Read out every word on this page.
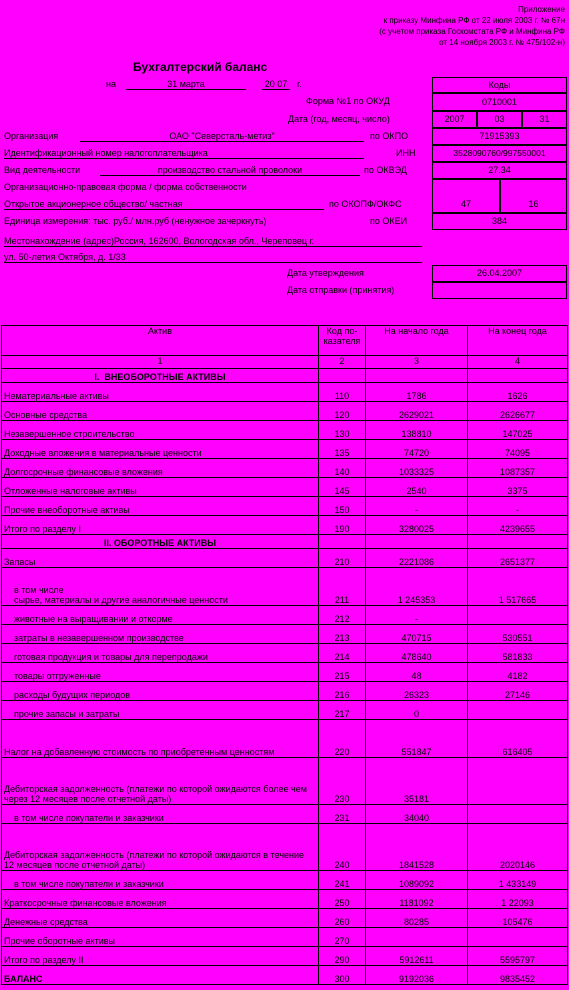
Приложение
к приказу Минфина РФ от 22 июля 2003 г. № 67н
(с учетом приказа Госкомстата РФ и Минфина РФ
от 14 ноября 2003 г. № 475/102-н)
Бухгалтерский баланс
на	31 марта	20 07	г.	Коды
Форма №1 по ОКУД	0710001
Дата (год, месяц, число)	2007	03	31
Организация	ОАО "Северсталь-метиз"	по ОКПО	71915393
Идентификационный номер налогоплательщика	ИНН	3528090760/997550001
Вид деятельности	производство стальной проволоки	по ОКВЭД	27.34
Организационно-правовая форма / форма собственности
Открытое акционерное общество/ частная	по ОКОПФ/ОКФС	47	16
Единица измерения: тыс. руб./ млн.руб (ненужное зачеркнуть)	по ОКЕИ	384
Местонахождение (адрес)Россия, 162600, Вологодская обл., Череповец г.
ул. 50-летия Октября, д. 1/33
Дата утверждения	26.04.2007
Дата отправки (принятия)
Актив	Код по-казателя	На начало года	На конец года
1	2	3	4
I.  ВНЕОБОРОТНЫЕ АКТИВЫ			
Нематериальные активы	110	1786	1626
Основные средства	120	2629021	2626677
Незавершенное строительство	130	138810	147025
Доходные вложения в материальные ценности	135	74720	74095
Долгосрочные финансовые вложения	140	1033325	1087357
Отложенные налоговые активы	145	2540	3375
Прочие внеоборотные активы	150	-	-
Итого по разделу I	190	3280025	4239655
II. ОБОРОТНЫЕ АКТИВЫ			
Запасы	210	2221086	2651377
в том числе
сырье, материалы и другие аналогичные ценности	211	1 245353	1 517665
животные на выращивании и откорме	212	-	
затраты в незавершенном производстве	213	470715	530551
готовая продукция и товары для перепродажи	214	478640	581833
товары отгруженные	215	48	4182
расходы будущих периодов	216	26323	27146
прочие запасы и затраты	217	0	
Налог на добавленную стоимость по приобретенным ценностям	220	551847	616405
Дебиторская задолженность (платежи по которой ожидаются более чем через 12 месяцев после отчетной даты)	230	35181	
в том числе покупатели и заказчики	231	34040	
Дебиторская задолженность (платежи по которой ожидаются в течение 12 месяцев после отчетной даты)	240	1841528	2020146
в том числе покупатели и заказчики	241	1089092	1 433149
Краткосрочные финансовые вложения	250	1181092	1 22093
Денежные средства	260	80285	105476
Прочие оборотные активы	270		
Итого по разделу II	290	5912611	5595797
БАЛАНС	300	9192036	9835452
